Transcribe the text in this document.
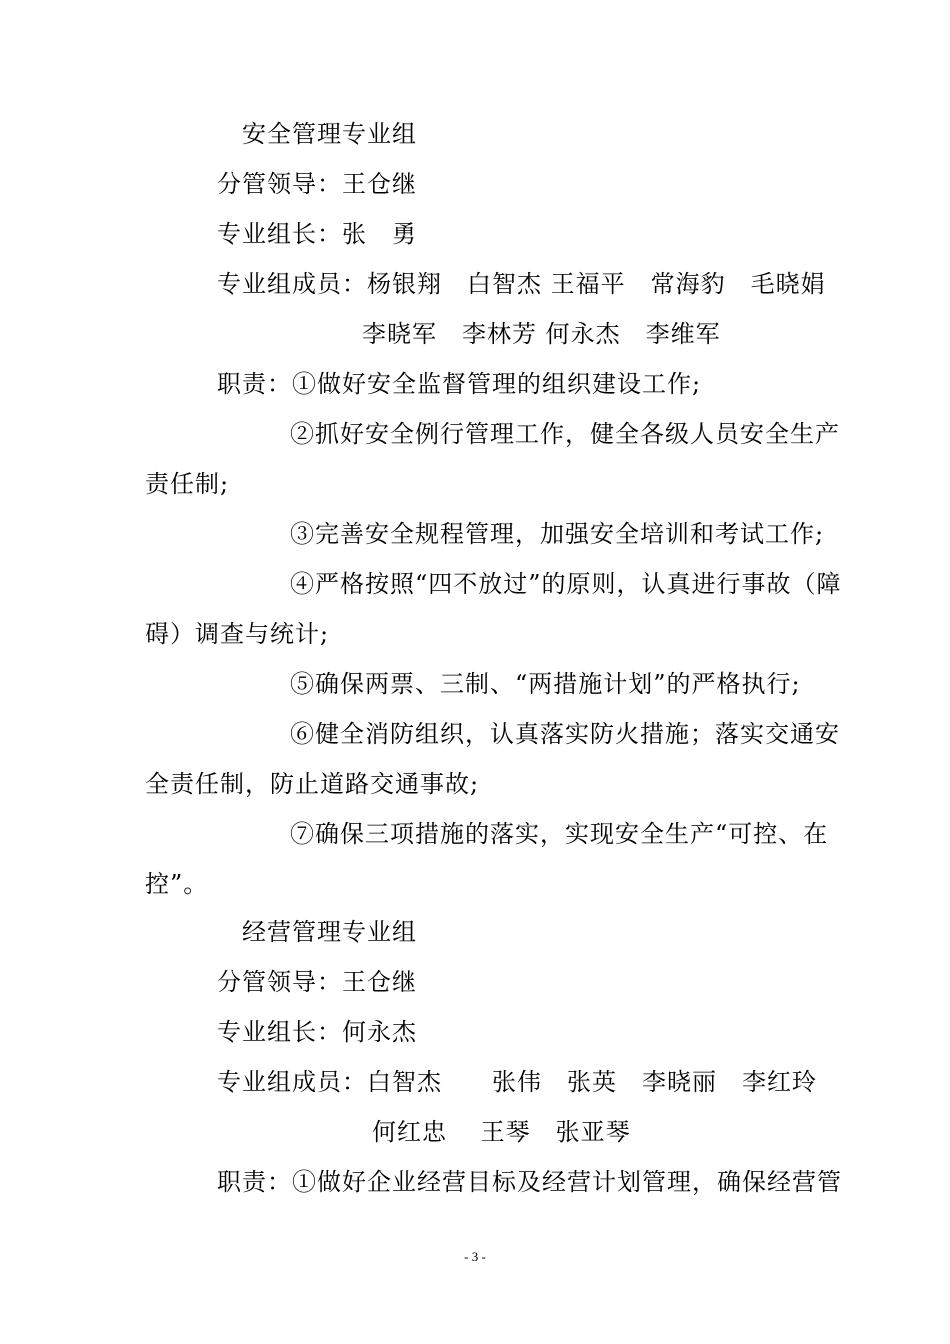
安全管理专业组

分管领导：王仓继

专业组长：张　勇

专业组成员：杨银翔　白智杰 王福平　常海豹　毛晓娟

李晓军　李林芳 何永杰　李维军

职责：①做好安全监督管理的组织建设工作;

②抓好安全例行管理工作，健全各级人员安全生产

责任制;

③完善安全规程管理，加强安全培训和考试工作;

④严格按照“四不放过”的原则，认真进行事故（障

碍）调查与统计;

⑤确保两票、三制、“两措施计划”的严格执行;

⑥健全消防组织，认真落实防火措施；落实交通安

全责任制，防止道路交通事故;

⑦确保三项措施的落实，实现安全生产“可控、在

控”。

经营管理专业组

分管领导：王仓继

专业组长：何永杰

专业组成员：白智杰　　张伟　张英　李晓丽　李红玲

何红忠　 王琴　张亚琴

职责：①做好企业经营目标及经营计划管理，确保经营管

- 3 -
